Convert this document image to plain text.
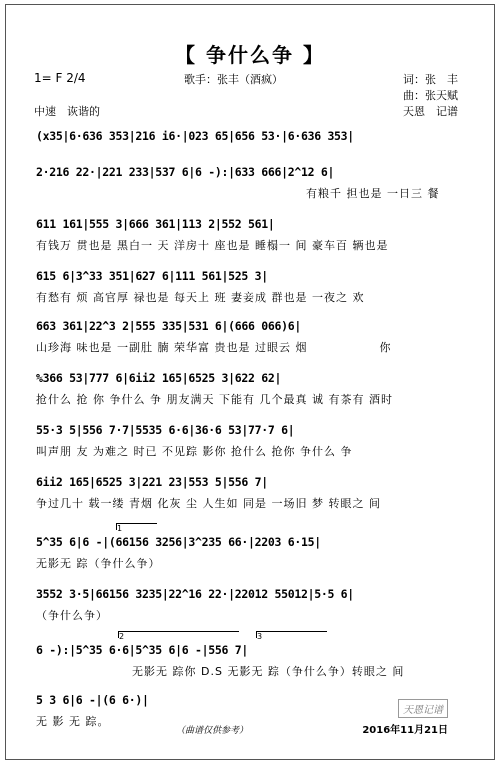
【 争什么争 】
1= F 2/4	歌手：张丰（酒疯）	词：张　丰
曲：张天赋
天恩　记谱
中速　诙谐的
(x35|6·636 353|216 i6·|023 65|656 53·|6·636 353|
2·216 22·|221 233|537 6|6 -):|633 666|2^12 6|
有粮千 担也是 一日三 餐
611 161|555 3|666 361|113 2|552 561|
有钱万 贯也是 黑白一 天 洋房十 座也是 睡榻一 间 豪车百 辆也是
615 6|3^33 351|627 6|111 561|525 3|
有愁有 烦 高官厚 禄也是 每天上 班 妻妾成 群也是 一夜之 欢
663 361|22^3 2|555 335|531 6|(666 066)6|
山珍海 味也是 一副肚 腩 荣华富 贵也是 过眼云 烟　　　　　　你
%366 53|777 6|6ii2 165|6525 3|622 62|
抢什么 抢 你 争什么 争 朋友满天 下能有 几个最真 诚 有茶有 酒时
55·3 5|556 7·7|5535 6·6|36·6 53|77·7 6|
叫声朋 友 为难之 时已 不见踪 影你 抢什么 抢你 争什么 争
6ii2 165|6525 3|221 23|553 5|556 7|
争过几十 载一缕 青烟 化灰 尘 人生如 同是 一场旧 梦 转眼之 间
1
5^35 6|6 -|(66156 3256|3^235 66·|2203 6·15|
无影无 踪（争什么争）
3552 3·5|66156 3235|22^16 22·|22012 55012|5·5 6|
（争什么争）
2	3
6 -):|5^35 6·6|5^35 6|6 -|556 7|
　　　　　　　　无影无 踪你 D.S 无影无 踪（争什么争）转眼之 间
5 3 6|6 -|(6 6·)|
无 影 无 踪。
天恩记谱
（曲谱仅供参考）	2016年11月21日
